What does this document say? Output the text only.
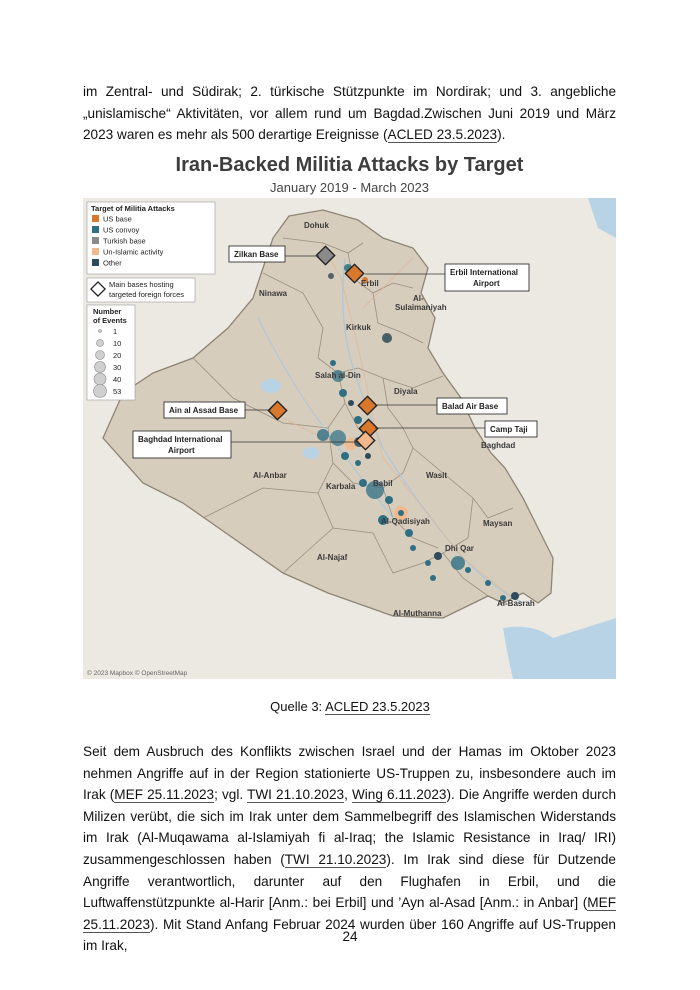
im Zentral- und Südirak; 2. türkische Stützpunkte im Nordirak; und 3. angebliche „unislamische“ Aktivitäten, vor allem rund um Bagdad.Zwischen Juni 2019 und März 2023 waren es mehr als 500 derartige Ereignisse (ACLED 23.5.2023).
Iran-Backed Militia Attacks by Target
January 2019 - March 2023
Dohuk
Erbil
Ninawa
Al-
Sulaimaniyah
Kirkuk
Salah al-Din
Diyala
Baghdad
Al-Anbar
Karbala Babil
Wasit
Al-Qadisiyah	Maysan
Al-Najaf
Dhi Qar
Al-Basrah
Al-Muthanna
Zilkan Base
Erbil International
Airport
Balad Air Base
Ain al Assad Base
Camp Taji
Baghdad International
Airport
Target of Militia Attacks
US base
US convoy
Turkish base
Un-Islamic activity
Other
Main bases hosting
targeted foreign forces
Number
of Events
1
10
20
30
40
53
© 2023 Mapbox © OpenStreetMap
Quelle 3: ACLED 23.5.2023
Seit dem Ausbruch des Konflikts zwischen Israel und der Hamas im Oktober 2023 nehmen Angriffe auf in der Region stationierte US-Truppen zu, insbesondere auch im Irak (MEF 25.11.2023; vgl. TWI 21.10.2023, Wing 6.11.2023). Die Angriffe werden durch Milizen verübt, die sich im Irak unter dem Sammelbegriff des Islamischen Widerstands im Irak (Al-Muqawama al-Islamiyah fi al-Iraq; the Islamic Resistance in Iraq/ IRI) zusammengeschlossen haben (TWI 21.10.2023). Im Irak sind diese für Dutzende Angriffe verantwortlich, darunter auf den Flughafen in Erbil, und die Luftwaffenstützpunkte al-Harir [Anm.: bei Erbil] und ’Ayn al-Asad [Anm.: in Anbar] (MEF 25.11.2023). Mit Stand Anfang Februar 2024 wurden über 160 Angriffe auf US-Truppen im Irak,
24
